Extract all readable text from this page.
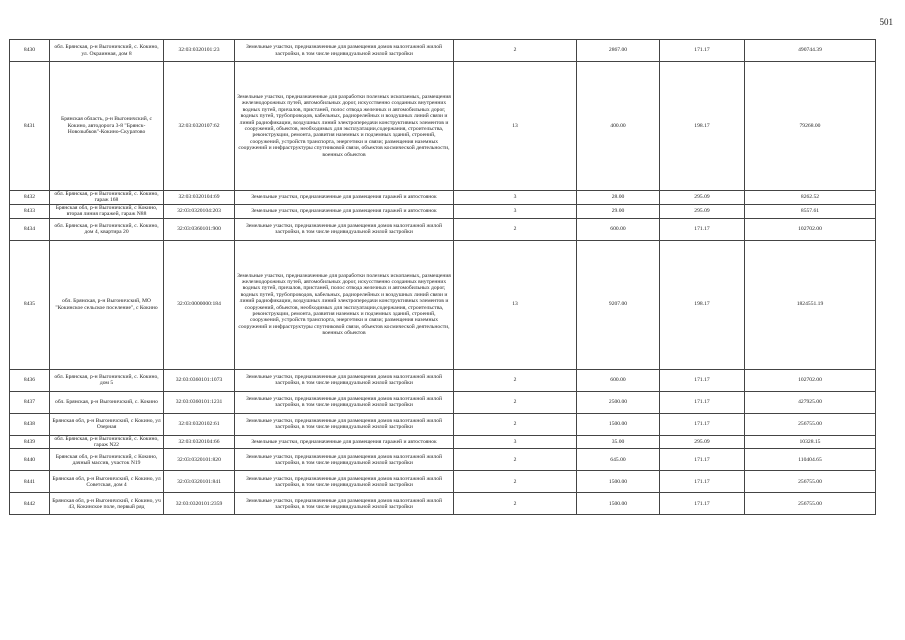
501
8430	обл. Брянская, р-н Выгоничский, с. Кокино, ул. Окраинная, дом 8	32:03:0320101:23	Земельные участки, предназначенные для размещения домов малоэтажной жилой застройки, в том числе индивидуальной жилой застройки	2	2867.00	171.17	490744.39
8431	Брянская область, р-н Выгоничский, с Кокино, автодорога 3-8 "Брянск-Новозыбков"-Кокино-Скуратово	32:03:0320107:62	Земельные участки, предназначенные для разработки полезных ископаемых, размещения железнодорожных путей, автомобильных дорог, искусственно созданных внутренних водных путей, причалов, пристаней, полос отвода железных и автомобильных дорог, водных путей, трубопроводов, кабельных, радиорелейных и воздушных линий связи и линий радиофикации, воздушных линий электропередачи конструктивных элементов и сооружений, объектов, необходимых для эксплуатации,содержания, строительства, реконструкции, ремонта, развития наземных и подземных зданий, строений, сооружений, устройств транспорта, энергетики и связи; размещения наземных сооружений и инфраструктуры спутниковой связи, объектов космической деятельности, военных объектов	13	400.00	198.17	79268.00
8432	обл. Брянская, р-н Выгоничский, с. Кокино, гараж 168	32:03:0320104:69	Земельные участки, предназначенные для размещения гаражей и автостоянок	3	28.00	295.09	8262.52
8433	Брянская обл, р-н Выгоничский, с Кокино, вторая линия гаражей, гараж N88	32:03:0320104:203	Земельные участки, предназначенные для размещения гаражей и автостоянок	3	29.00	295.09	8557.61
8434	обл. Брянская, р-н Выгоничский, с. Кокино, дом 4, квартира 20	32:03:0360101:900	Земельные участки, предназначенные для размещения домов малоэтажной жилой застройки, в том числе индивидуальной жилой застройки	2	600.00	171.17	102702.00
8435	обл. Брянская, р-н Выгоничский, МО "Кокинское сельское поселение", с Кокино	32:03:0000000:184	Земельные участки, предназначенные для разработки полезных ископаемых, размещения железнодорожных путей, автомобильных дорог, искусственно созданных внутренних водных путей, причалов, пристаней, полос отвода железных и автомобильных дорог, водных путей, трубопроводов, кабельных, радиорелейных и воздушных линий связи и линий радиофикации, воздушных линий электропередачи конструктивных элементов и сооружений, объектов, необходимых для эксплуатации,содержания, строительства, реконструкции, ремонта, развития наземных и подземных зданий, строений, сооружений, устройств транспорта, энергетики и связи; размещения наземных сооружений и инфраструктуры спутниковой связи, объектов космической деятельности, военных объектов	13	9207.00	198.17	1824551.19
8436	обл. Брянская, р-н Выгоничский, с. Кокино, дом 5	32:03:0360101:1073	Земельные участки, предназначенные для размещения домов малоэтажной жилой застройки, в том числе индивидуальной жилой застройки	2	600.00	171.17	102702.00
8437	обл. Брянская, р-н Выгоничский, с. Кокино	32:03:0360101:1231	Земельные участки, предназначенные для размещения домов малоэтажной жилой застройки, в том числе индивидуальной жилой застройки	2	2500.00	171.17	427925.00
8438	Брянская обл, р-н Выгоничский, с Кокино, ул Озерная	32:03:0320102:61	Земельные участки, предназначенные для размещения домов малоэтажной жилой застройки, в том числе индивидуальной жилой застройки	2	1500.00	171.17	256755.00
8439	обл. Брянская, р-н Выгоничский, с. Кокино, гараж N22	32:03:0320104:66	Земельные участки, предназначенные для размещения гаражей и автостоянок	3	35.00	295.09	10328.15
8440	Брянская обл, р-н Выгоничский, с Кокино, дачный массив, участок N19	32:03:0320101:820	Земельные участки, предназначенные для размещения домов малоэтажной жилой застройки, в том числе индивидуальной жилой застройки	2	645.00	171.17	110404.65
8441	Брянская обл, р-н Выгоничский, с Кокино, ул Советская, дом 4	32:03:0320101:841	Земельные участки, предназначенные для размещения домов малоэтажной жилой застройки, в том числе индивидуальной жилой застройки	2	1500.00	171.17	256755.00
8442	Брянская обл, р-н Выгоничский, с Кокино, уч 43, Кокинское поле, первый ряд	32:03:0320101:2359	Земельные участки, предназначенные для размещения домов малоэтажной жилой застройки, в том числе индивидуальной жилой застройки	2	1500.00	171.17	256755.00
